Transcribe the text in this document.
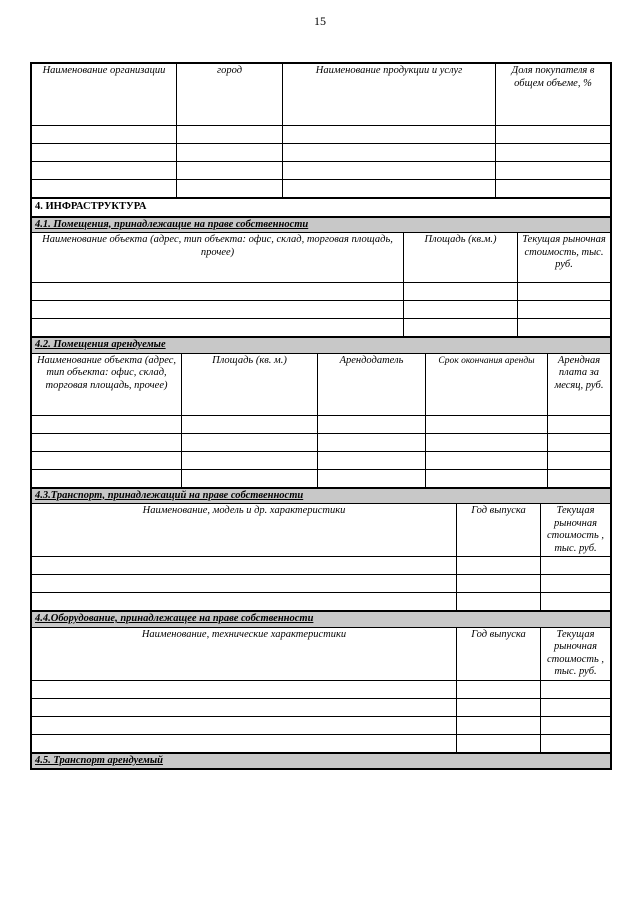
15
Наименование организации	город	Наименование продукции и услуг	Доля покупателя в общем объеме, %

4. ИНФРАСТРУКТУРА
4.1. Помещения, принадлежащие на праве собственности		
Наименование объекта (адрес, тип объекта: офис, склад, торговая площадь, прочее)	Площадь (кв.м.)	Текущая рыночная стоимость, тыс. руб.

4.2. Помещения арендуемые				
Наименование объекта (адрес, тип объекта: офис, склад, торговая площадь, прочее)	Площадь (кв. м.)	Арендодатель	Срок окончания аренды	Арендная плата за месяц, руб.

4.3.Транспорт, принадлежащий на праве собственности		
Наименование, модель и др. характеристики	Год выпуска	Текущая рыночная стоимость , тыс. руб.

4.4.Оборудование, принадлежащее на праве собственности		
Наименование, технические характеристики	Год выпуска	Текущая рыночная стоимость , тыс. руб.

4.5. Транспорт арендуемый
